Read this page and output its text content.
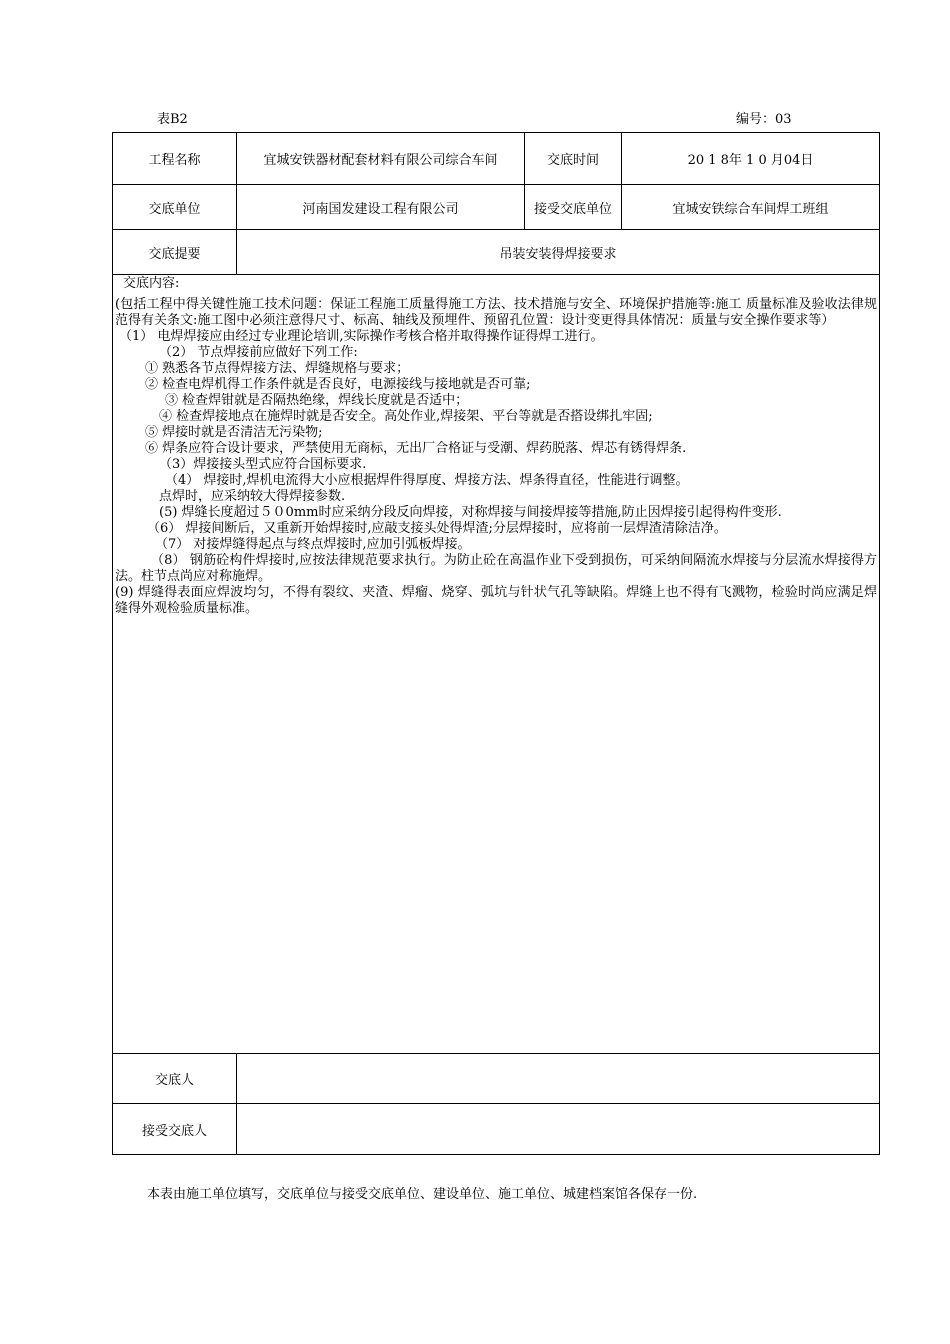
表B2	编号：03
工程名称	宜城安铁器材配套材料有限公司综合车间	交底时间	20 1 8年 1 0 月04日
交底单位	河南国发建设工程有限公司	接受交底单位	宜城安铁综合车间焊工班组
交底提要	吊装安装得焊接要求
交底内容:
(包括工程中得关键性施工技术问题：保证工程施工质量得施工方法、技术措施与安全、环境保护措施等:施工 质量标准及验收法律规范得有关条文:施工图中必须注意得尺寸、标高、轴线及预埋件、预留孔位置：设计变更得具体情况：质量与安全操作要求等）
（1） 电焊焊接应由经过专业理论培训,实际操作考核合格并取得操作证得焊工进行。
（2） 节点焊接前应做好下列工作:
① 熟悉各节点得焊接方法、焊缝规格与要求；
② 检查电焊机得工作条件就是否良好，电源接线与接地就是否可靠;
③ 检查焊钳就是否隔热绝缘，焊线长度就是否适中；
④ 检查焊接地点在施焊时就是否安全。高处作业,焊接架、平台等就是否搭设绑扎牢固;
⑤ 焊接时就是否清洁无污染物;
⑥ 焊条应符合设计要求，严禁使用无商标，无出厂合格证与受潮、焊药脱落、焊芯有锈得焊条.
（3）焊接接头型式应符合国标要求.
（4） 焊接时,焊机电流得大小应根据焊件得厚度、焊接方法、焊条得直径，性能进行调整。
点焊时，应采纳较大得焊接参数.
(5) 焊缝长度超过５０0mm时应采纳分段反向焊接，对称焊接与间接焊接等措施,防止因焊接引起得构件变形.
（6） 焊接间断后，又重新开始焊接时,应敲支接头处得焊渣;分层焊接时，应将前一层焊渣清除洁净。
（7） 对接焊缝得起点与终点焊接时,应加引弧板焊接。
（8） 钢筋砼构件焊接时,应按法律规范要求执行。为防止砼在高温作业下受到损伤，可采纳间隔流水焊接与分层流水焊接得方法。柱节点尚应对称施焊。
(9) 焊缝得表面应焊波均匀，不得有裂纹、夹渣、焊瘤、烧穿、弧坑与针状气孔等缺陷。焊缝上也不得有飞溅物，检验时尚应满足焊缝得外观检验质量标准。
交底人
接受交底人
本表由施工单位填写，交底单位与接受交底单位、建设单位、施工单位、城建档案馆各保存一份.
